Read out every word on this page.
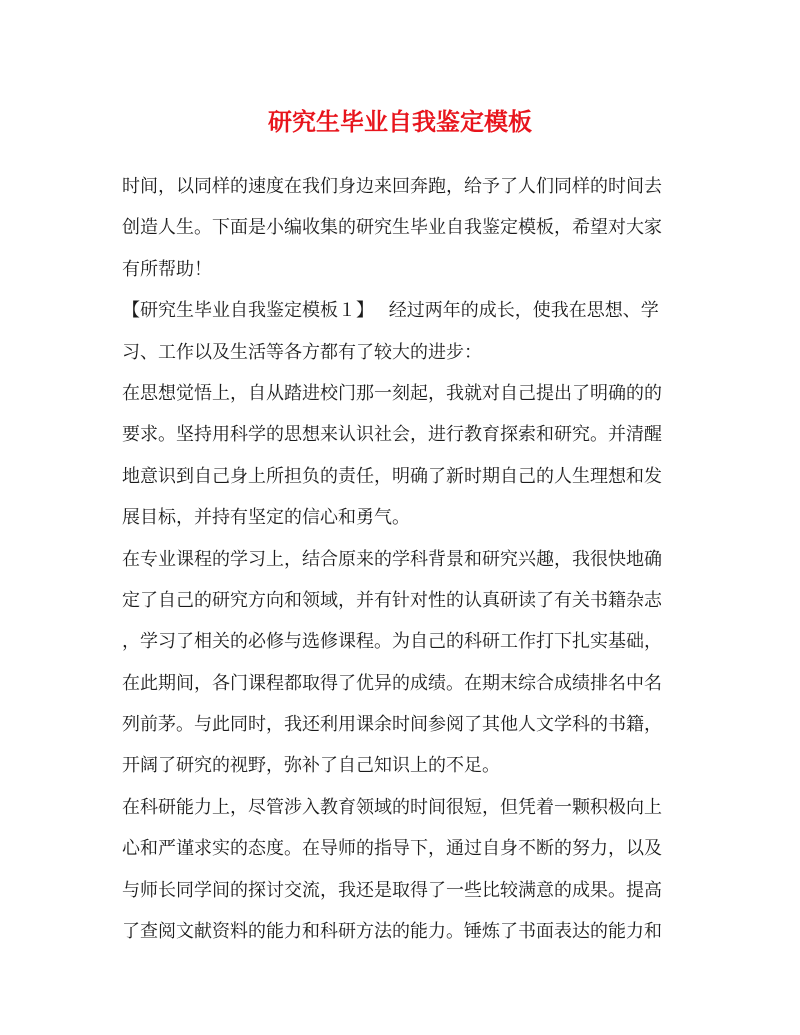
研究生毕业自我鉴定模板
时间，以同样的速度在我们身边来回奔跑，给予了人们同样的时间去
创造人生。下面是小编收集的研究生毕业自我鉴定模板，希望对大家
有所帮助！
【研究生毕业自我鉴定模板１】　 经过两年的成长，使我在思想、学
习、工作以及生活等各方都有了较大的进步：
在思想觉悟上，自从踏进校门那一刻起，我就对自己提出了明确的的
要求。坚持用科学的思想来认识社会，进行教育探索和研究。并清醒
地意识到自己身上所担负的责任，明确了新时期自己的人生理想和发
展目标，并持有坚定的信心和勇气。
在专业课程的学习上，结合原来的学科背景和研究兴趣，我很快地确
定了自己的研究方向和领域，并有针对性的认真研读了有关书籍杂志
，学习了相关的必修与选修课程。为自己的科研工作打下扎实基础，
在此期间，各门课程都取得了优异的成绩。在期末综合成绩排名中名
列前茅。与此同时，我还利用课余时间参阅了其他人文学科的书籍，
开阔了研究的视野，弥补了自己知识上的不足。
在科研能力上，尽管涉入教育领域的时间很短，但凭着一颗积极向上
心和严谨求实的态度。在导师的指导下，通过自身不断的努力，以及
与师长同学间的探讨交流，我还是取得了一些比较满意的成果。提高
了查阅文献资料的能力和科研方法的能力。锤炼了书面表达的能力和
